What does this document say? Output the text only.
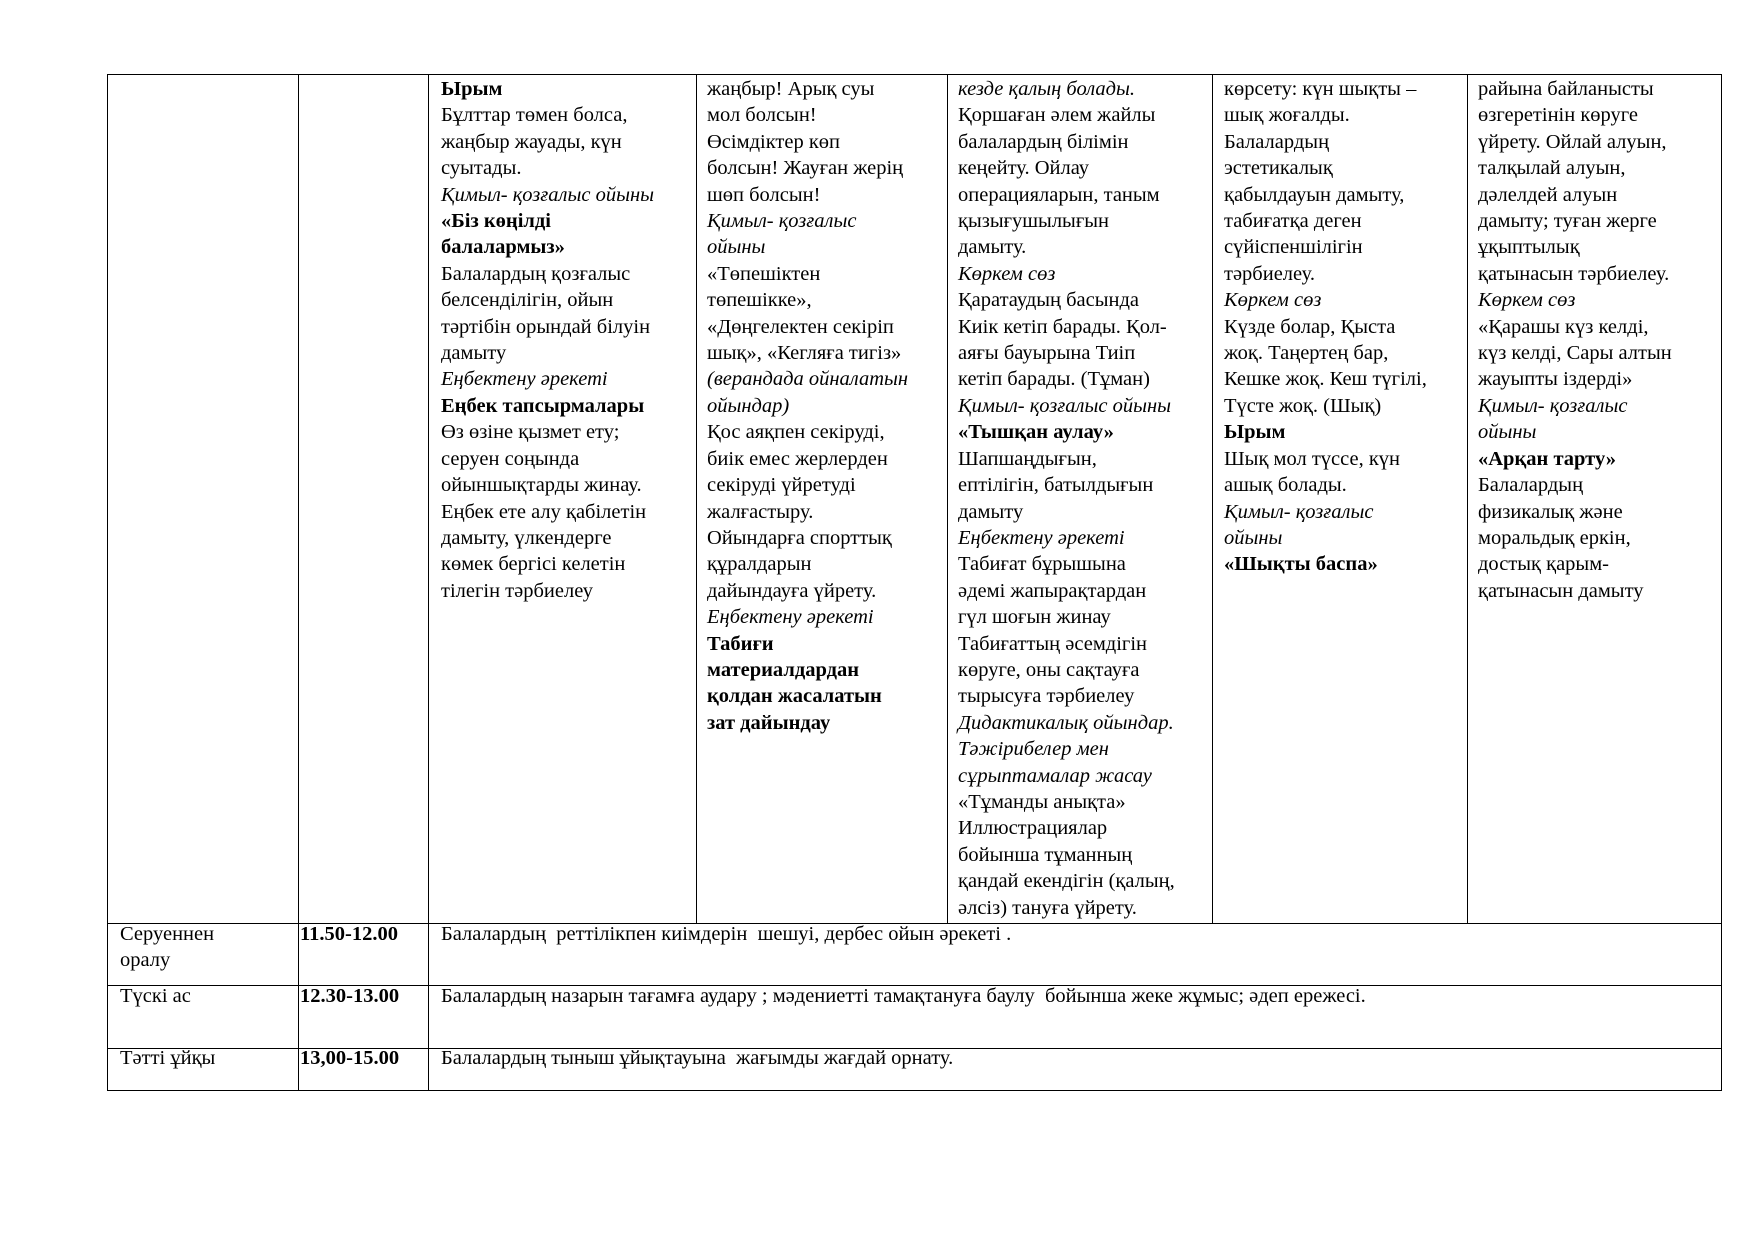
Ырым
Бұлттар төмен болса,
жаңбыр жауады, күн
суытады.
Қимыл- қозғалыс ойыны
«Біз көңілді
балалармыз»
Балалардың қозғалыс
белсенділігін, ойын
тәртібін орындай білуін
дамыту
Еңбектену әрекеті
Еңбек тапсырмалары
Өз өзіне қызмет ету;
серуен соңында
ойыншықтарды жинау.
Еңбек ете алу қабілетін
дамыту, үлкендерге
көмек бергісі келетін
тілегін тәрбиелеу
жаңбыр! Арық суы
мол болсын!
Өсімдіктер көп
болсын! Жауған жерің
шөп болсын!
Қимыл- қозғалыс
ойыны
«Төпешіктен
төпешікке»,
«Дөңгелектен секіріп
шық», «Кегляға тигіз»
(верандада ойналатын
ойындар)
Қос аяқпен секіруді,
биік емес жерлерден
секіруді үйретуді
жалғастыру.
Ойындарға спорттық
құралдарын
дайындауға үйрету.
Еңбектену әрекеті
Табиғи
материалдардан
қолдан жасалатын
зат дайындау
кезде қалың болады.
Қоршаған әлем жайлы
балалардың білімін
кеңейту. Ойлау
операцияларын, таным
қызығушылығын
дамыту.
Көркем сөз
Қаратаудың басында
Киік кетіп барады. Қол-
аяғы бауырына Тиіп
кетіп барады. (Тұман)
Қимыл- қозғалыс ойыны
«Тышқан аулау»
Шапшаңдығын,
ептілігін, батылдығын
дамыту
Еңбектену әрекеті
Табиғат бұрышына
әдемі жапырақтардан
гүл шоғын жинау
Табиғаттың әсемдігін
көруге, оны сақтауға
тырысуға тәрбиелеу
Дидактикалық ойындар.
Тәжірибелер мен
сұрыптамалар жасау
«Тұманды анықта»
Иллюстрациялар
бойынша тұманның
қандай екендігін (қалың,
әлсіз) тануға үйрету.
көрсету: күн шықты –
шық жоғалды.
Балалардың
эстетикалық
қабылдауын дамыту,
табиғатқа деген
сүйіспеншілігін
тәрбиелеу.
Көркем сөз
Күзде болар, Қыста
жоқ. Таңертең бар,
Кешке жоқ. Кеш түгілі,
Түсте жоқ. (Шық)
Ырым
Шық мол түссе, күн
ашық болады.
Қимыл- қозғалыс
ойыны
«Шықты баспа»
райына байланысты
өзгеретінін көруге
үйрету. Ойлай алуын,
талқылай алуын,
дәлелдей алуын
дамыту; туған жерге
ұқыптылық
қатынасын тәрбиелеу.
Көркем сөз
«Қарашы күз келді,
күз келді, Сары алтын
жауыпты іздерді»
Қимыл- қозғалыс
ойыны
«Арқан тарту»
Балалардың
физикалық және
моральдық еркін,
достық қарым-
қатынасын дамыту
Серуеннен
оралу
11.50-12.00 Балалардың  реттілікпен киімдерін  шешуі, дербес ойын әрекеті .
Түскі ас	12.30-13.00 Балалардың назарын тағамға аудару ; мәдениетті тамақтануға баулу  бойынша жеке жұмыс; әдеп ережесі.
Тәтті ұйқы	13,00-15.00 Балалардың тыныш ұйықтауына  жағымды жағдай орнату.
